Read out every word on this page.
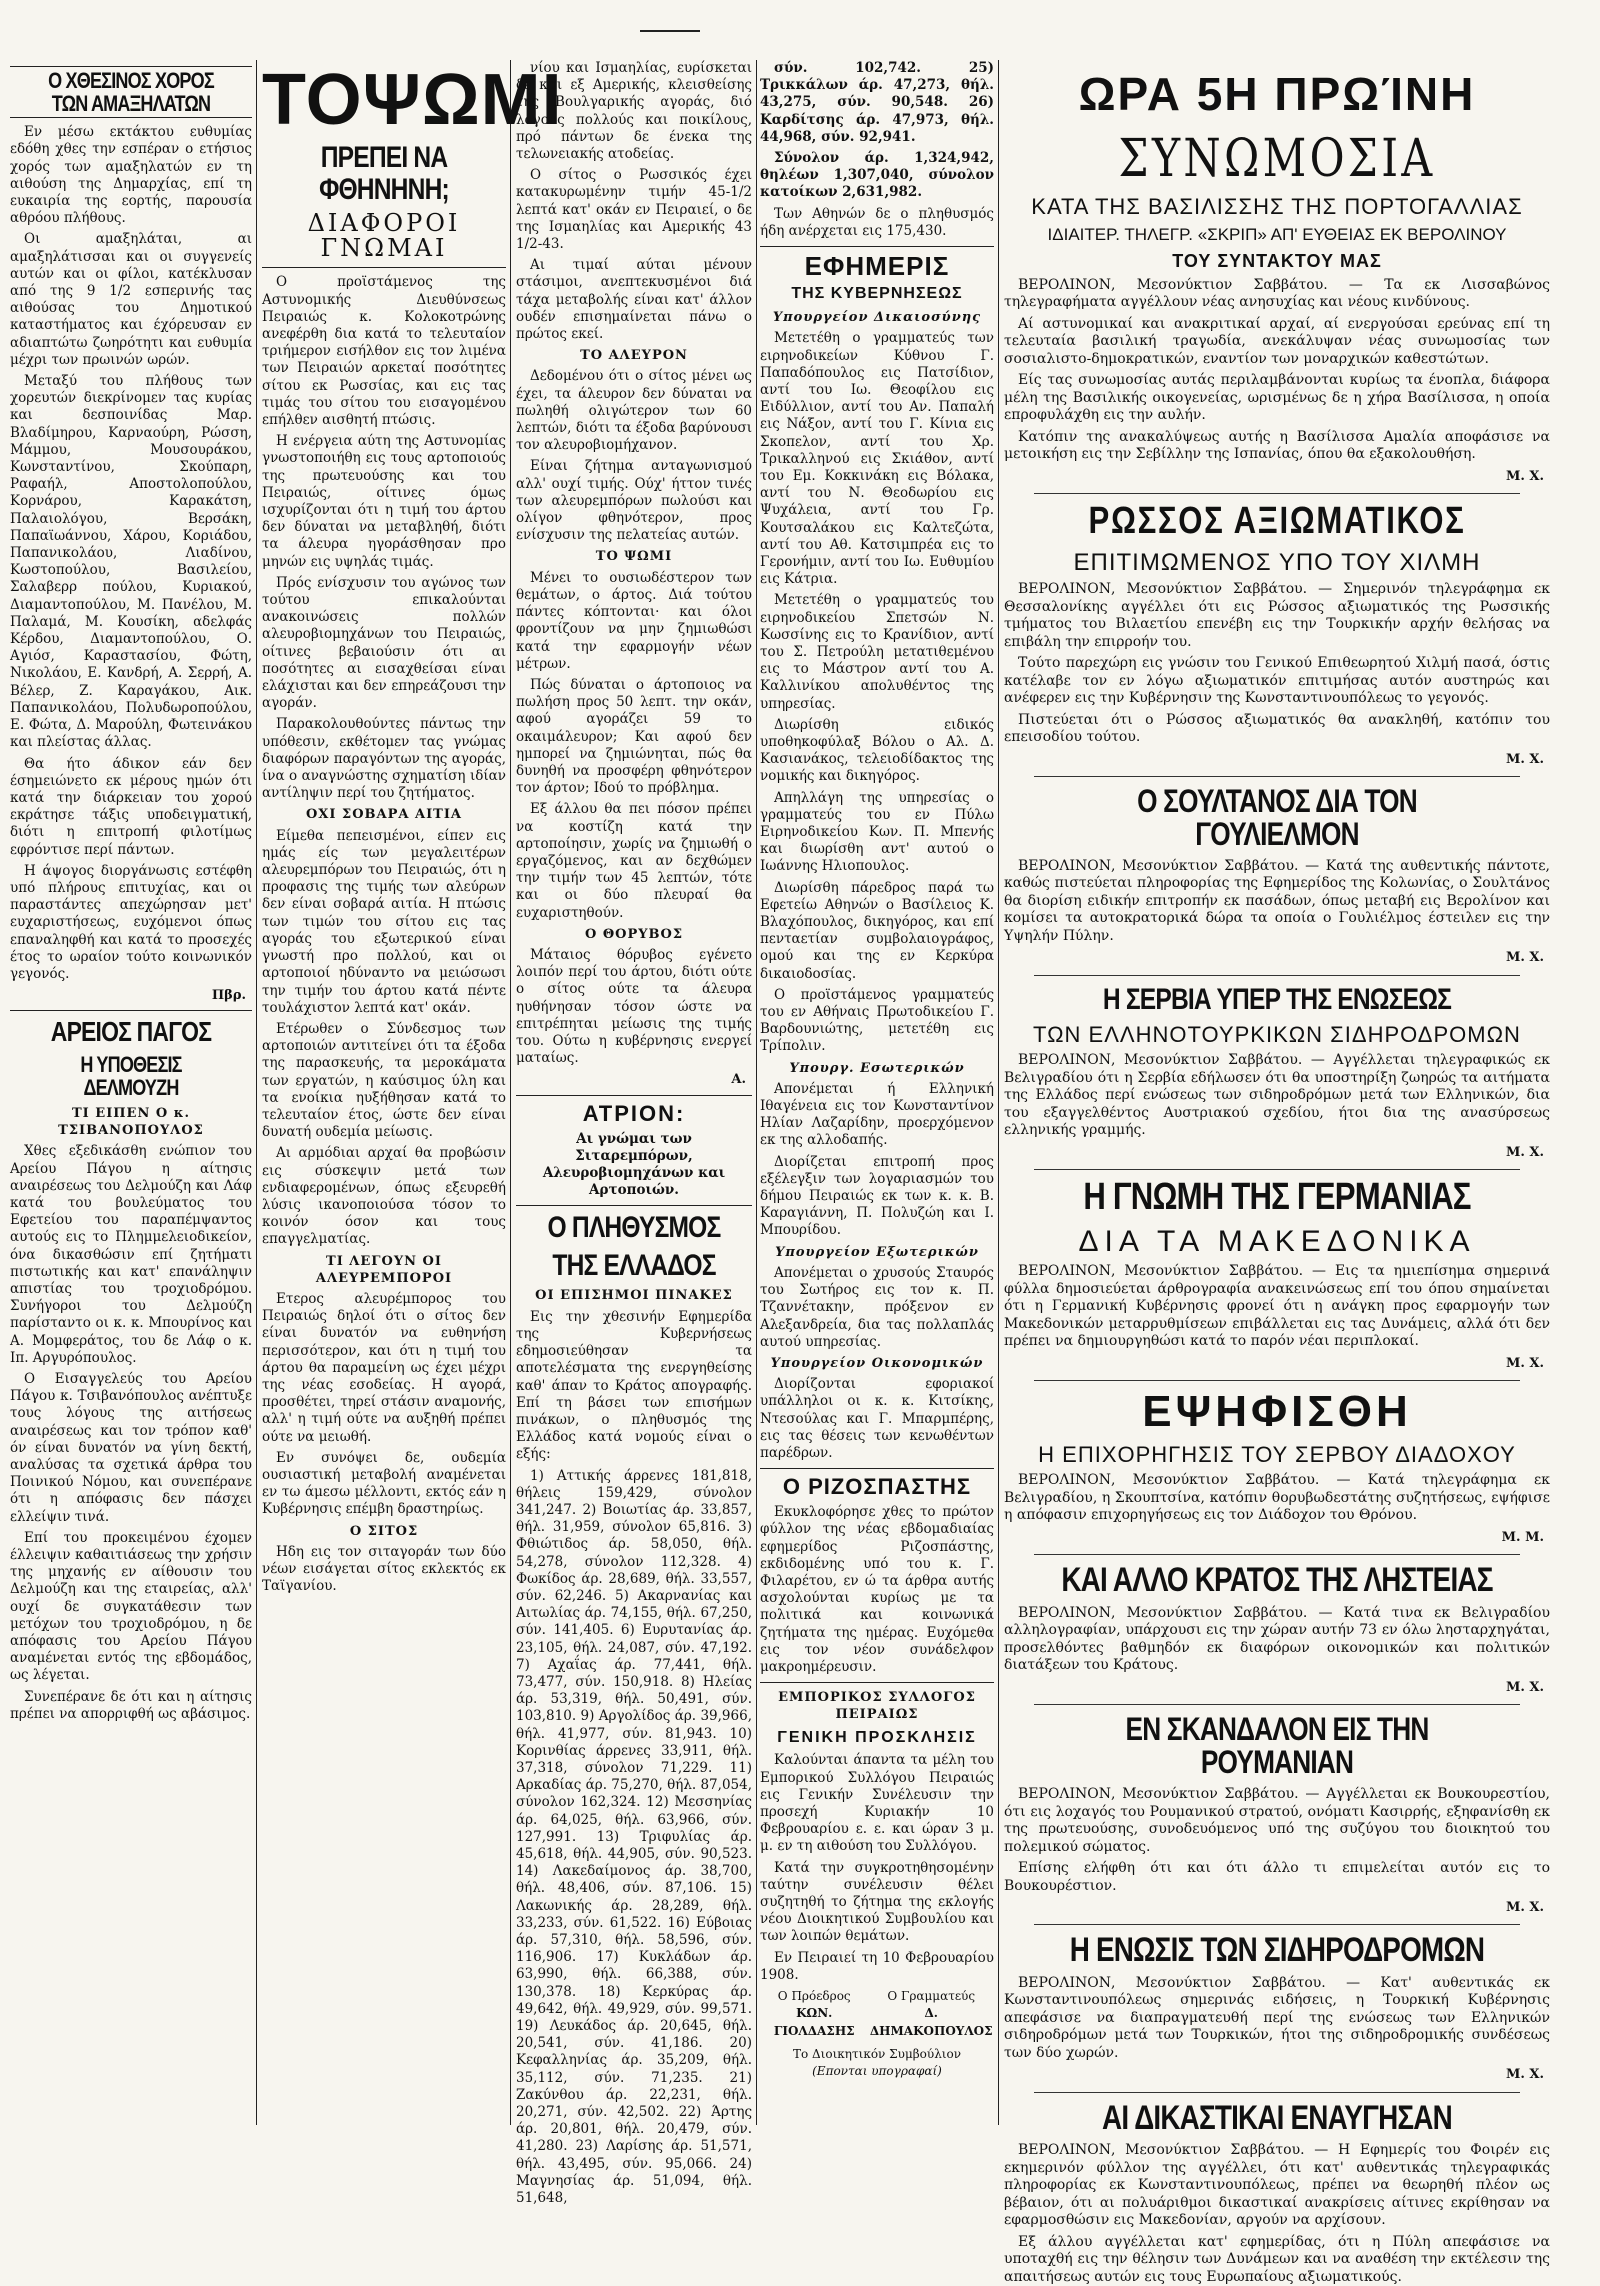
Ο ΧΘΕΣΙΝΟΣ ΧΟΡΟΣ
ΤΩΝ ΑΜΑΞΗΛΑΤΩΝ

Εν μέσω εκτάκτου ευθυμίας εδόθη χθες την εσπέραν ο ετήσιος χορός των αμαξηλατών εν τη αιθούση της Δημαρχίας, επί τη ευκαιρία της εορτής, παρουσία αθρόου πλήθους.

Οι αμαξηλάται, αι αμαξηλάτισσαι και οι συγγενείς αυτών και οι φίλοι, κατέκλυσαν από της 9 1/2 εσπερινής τας αιθούσας του Δημοτικού καταστήματος και έχόρευσαν εν αδιαπτώτω ζωηρότητι και ευθυμία μέχρι των πρωινών ωρών.

Μεταξύ του πλήθους των χορευτών διεκρίνομεν τας κυρίας και δεσποινίδας Μαρ. Βλαδίμηρου, Καρναούρη, Ρώσση, Μάμμου, Μουσουράκου, Κωνσταντίνου, Σκούπαρη, Ραφαήλ, Αποστολοπούλου, Κορνάρου, Καρακάτση, Παλαιολόγου, Βερσάκη, Παπαϊωάννου, Χάρου, Κοριάδου, Παπανικολάου, Λιαδίνου, Κωστοπούλου, Βασιλείου, Σαλαβερρ πούλου, Κυριακού, Διαμαντοπούλου, Μ. Πανέλου, Μ. Παλαμά, Μ. Κουσίκη, αδελφάς Κέρδου, Διαμαντοπούλου, Ο. Αγιόσ, Καραστασίου, Φώτη, Νικολάου, Ε. Κανδρή, Α. Σερρή, Α. Βέλερ, Ζ. Καραγάκου, Αικ. Παπανικολάου, Πολυδωροπούλου, Ε. Φώτα, Δ. Μαρούλη, Φωτεινάκου και πλείστας άλλας.

Θα ήτο άδικον εάν δεν έσημειώνετο εκ μέρους ημών ότι κατά την διάρκειαν του χορού εκράτησε τάξις υποδειγματική, διότι η επιτροπή φιλοτίμως εφρόντισε περί πάντων.

Η άψογος διοργάνωσις εστέφθη υπό πλήρους επιτυχίας, και οι παραστάντες απεχώρησαν μετ' ευχαριστήσεως, ευχόμενοι όπως επαναληφθή και κατά το προσεχές έτος το ωραίον τούτο κοινωνικόν γεγονός.

Πβρ.
ΑΡΕΙΟΣ ΠΑΓΟΣ
Η ΥΠΟΘΕΣΙΣ ΔΕΛΜΟΥΖΗ
ΤΙ ΕΙΠΕΝ Ο κ. ΤΣΙΒΑΝΟΠΟΥΛΟΣ

Χθες εξεδικάσθη ενώπιον του Αρείου Πάγου η αίτησις αναιρέσεως του Δελμούζη και Λάφ κατά του βουλεύματος του Εφετείου του παραπέμψαντος αυτούς εις το Πλημμελειοδικείον, όνα δικασθώσιν επί ζητήματι πιστωτικής και κατ' επανάληψιν απιστίας του τροχιοδρόμου. Συνήγοροι του Δελμούζη παρίσταντο οι κ. κ. Μπουρίνος και Α. Μομφεράτος, του δε Λάφ ο κ. Ιπ. Αργυρόπουλος.

Ο Εισαγγελεύς του Αρείου Πάγου κ. Τσιβανόπουλος ανέπτυξε τους λόγους της αιτήσεως αναιρέσεως και τον τρόπον καθ' όν είναι δυνατόν να γίνη δεκτή, αναλύσας τα σχετικά άρθρα του Ποινικού Νόμου, και συνεπέρανε ότι η απόφασις δεν πάσχει ελλείψιν τινά.

Επί του προκειμένου έχομεν έλλειψιν καθαιτιάσεως την χρήσιν της μηχανής εν αίθουσιν του Δελμούζη και της εταιρείας, αλλ' ουχί δε συγκατάθεσιν των μετόχων του τροχιοδρόμου, η δε απόφασις του Αρείου Πάγου αναμένεται εντός της εβδομάδος, ως λέγεται.

Συνεπέρανε δε ότι και η αίτησις πρέπει να απορριφθή ως αβάσιμος.

ΤΟΨΩΜΙ
ΠΡΕΠΕΙ ΝΑ ΦΘΗΝΗΝΗ;
ΔΙΑΦΟΡΟΙ ΓΝΩΜΑΙ

Ο προϊστάμενος της Αστυνομικής Διευθύνσεως Πειραιώς κ. Κολοκοτρώνης ανεφέρθη δια κατά το τελευταίον τριήμερον εισήλθον εις τον λιμένα των Πειραιών αρκεταί ποσότητες σίτου εκ Ρωσσίας, και εις τας τιμάς του σίτου του εισαγομένου επήλθεν αισθητή πτώσις.

Η ενέργεια αύτη της Αστυνομίας γνωστοποιήθη εις τους αρτοποιούς της πρωτευούσης και του Πειραιώς, οίτινες όμως ισχυρίζονται ότι η τιμή του άρτου δεν δύναται να μεταβληθή, διότι τα άλευρα ηγοράσθησαν προ μηνών εις υψηλάς τιμάς.

Πρός ενίσχυσιν του αγώνος των τούτου επικαλούνται ανακοινώσεις πολλών αλευροβιομηχάνων του Πειραιώς, οίτινες βεβαιούσιν ότι αι ποσότητες αι εισαχθείσαι είναι ελάχισται και δεν επηρεάζουσι την αγοράν.

Παρακολουθούντες πάντως την υπόθεσιν, εκθέτομεν τας γνώμας διαφόρων παραγόντων της αγοράς, ίνα ο αναγνώστης σχηματίση ιδίαν αντίληψιν περί του ζητήματος.

ΟΧΙ ΣΟΒΑΡΑ ΑΙΤΙΑ

Είμεθα πεπεισμένοι, είπεν εις ημάς είς των μεγαλειτέρων αλευρεμπόρων του Πειραιώς, ότι η προφασις της τιμής των αλεύρων δεν είναι σοβαρά αιτία. Η πτώσις των τιμών του σίτου εις τας αγοράς του εξωτερικού είναι γνωστή προ πολλού, και οι αρτοποιοί ηδύναντο να μειώσωσι την τιμήν του άρτου κατά πέντε τουλάχιστον λεπτά κατ' οκάν.

Ετέρωθεν ο Σύνδεσμος των αρτοποιών αντιτείνει ότι τα έξοδα της παρασκευής, τα μεροκάματα των εργατών, η καύσιμος ύλη και τα ενοίκια ηυξήθησαν κατά το τελευταίον έτος, ώστε δεν είναι δυνατή ουδεμία μείωσις.

Αι αρμόδιαι αρχαί θα προβώσιν εις σύσκεψιν μετά των ενδιαφερομένων, όπως εξευρεθή λύσις ικανοποιούσα τόσον το κοινόν όσον και τους επαγγελματίας.

ΤΙ ΛΕΓΟΥΝ ΟΙ ΑΛΕΥΡΕΜΠΟΡΟΙ

Ετερος αλευρέμπορος του Πειραιώς δηλοί ότι ο σίτος δεν είναι δυνατόν να ευθηνήση περισσότερον, και ότι η τιμή του άρτου θα παραμείνη ως έχει μέχρι της νέας εσοδείας. Η αγορά, προσθέτει, τηρεί στάσιν αναμονής, αλλ' η τιμή ούτε να αυξηθή πρέπει ούτε να μειωθή.

Εν συνόψει δε, ουδεμία ουσιαστική μεταβολή αναμένεται εν τω άμεσω μέλλοντι, εκτός εάν η Κυβέρνησις επέμβη δραστηρίως.

Ο ΣΙΤΟΣ

Ηδη εις τον σιταγοράν των δύο νέων εισάγεται σίτος εκλεκτός εκ Ταϊγανίου.

νίου και Ισμαηλίας, ευρίσκεται δε και εξ Αμερικής, κλεισθείσης της Βουλγαρικής αγοράς, διό λόγους πολλούς και ποικίλους, πρό πάντων δε ένεκα της τελωνειακής ατοδείας.

Ο σίτος ο Ρωσσικός έχει κατακυρωμένην τιμήν 45-1/2 λεπτά κατ' οκάν εν Πειραιεί, ο δε της Ισμαηλίας και Αμερικής 43 1/2-43.

Αι τιμαί αύται μένουν στάσιμοι, ανεπτεκυσμένοι διά τάχα μεταβολής είναι κατ' άλλον ουδέν επισημαίνεται πάνω ο πρώτος εκεί.

ΤΟ ΑΛΕΥΡΟΝ

Δεδομένου ότι ο σίτος μένει ως έχει, τα άλευρον δεν δύναται να πωληθή ολιγώτερον των 60 λεπτών, διότι τα έξοδα βαρύνουσι τον αλευροβιομήχανον.

Είναι ζήτημα ανταγωνισμού αλλ' ουχί τιμής. Ούχ' ήττον τινές των αλευρεμπόρων πωλούσι και ολίγον φθηνότερον, προς ενίσχυσιν της πελατείας αυτών.

ΤΟ ΨΩΜΙ

Μένει το ουσιωδέστερον των θεμάτων, ο άρτος. Διά τούτου πάντες κόπτονται· και όλοι φροντίζουν να μην ζημιωθώσι κατά την εφαρμογήν νέων μέτρων.

Πώς δύναται ο άρτοποιος να πωλήση προς 50 λεπτ. την οκάν, αφού αγοράζει 59 το οκαιμάλευρον; Και αφού δεν ημπορεί να ζημιώνηται, πώς θα δυνηθή να προσφέρη φθηνότερον τον άρτον; Ιδού το πρόβλημα.

Εξ άλλου θα πει πόσον πρέπει να κοστίζη κατά την αρτοποίησιν, χωρίς να ζημιωθή ο εργαζόμενος, και αν δεχθώμεν την τιμήν των 45 λεπτών, τότε και οι δύο πλευραί θα ευχαριστηθούν.

Ο ΘΟΡΥΒΟΣ

Μάταιος θόρυβος εγένετο λοιπόν περί του άρτου, διότι ούτε ο σίτος ούτε τα άλευρα ηυθήνησαν τόσον ώστε να επιτρέπηται μείωσις της τιμής του. Ούτω η κυβέρνησις ενεργεί ματαίως.

Α.
ΑΤΡΙΟΝ:

Αι γνώμαι των Σιταρεμπόρων, Αλευροβιομηχάνων και Αρτοποιών.

Ο ΠΛΗΘΥΣΜΟΣ
ΤΗΣ ΕΛΛΑΔΟΣ
ΟΙ ΕΠΙΣΗΜΟΙ ΠΙΝΑΚΕΣ

Εις την χθεσινήν Εφημερίδα της Κυβερνήσεως εδημοσιεύθησαν τα αποτελέσματα της ενεργηθείσης καθ' άπαν το Κράτος απογραφής. Επί τη βάσει των επισήμων πινάκων, ο πληθυσμός της Ελλάδος κατά νομούς είναι ο εξής:

1) Αττικής άρρενες 181,818, θήλεις 159,429, σύνολον 341,247. 2) Βοιωτίας άρ. 33,857, θήλ. 31,959, σύνολον 65,816. 3) Φθιώτιδος άρ. 58,050, θήλ. 54,278, σύνολον 112,328. 4) Φωκίδος άρ. 28,689, θήλ. 33,557, σύν. 62,246. 5) Ακαρνανίας και Αιτωλίας άρ. 74,155, θήλ. 67,250, σύν. 141,405. 6) Ευρυτανίας άρ. 23,105, θήλ. 24,087, σύν. 47,192. 7) Αχαΐας άρ. 77,441, θήλ. 73,477, σύν. 150,918. 8) Ηλείας άρ. 53,319, θήλ. 50,491, σύν. 103,810. 9) Αργολίδος άρ. 39,966, θήλ. 41,977, σύν. 81,943. 10) Κορινθίας άρρενες 33,911, θήλ. 37,318, σύνολον 71,229. 11) Αρκαδίας άρ. 75,270, θήλ. 87,054, σύνολον 162,324. 12) Μεσσηνίας άρ. 64,025, θήλ. 63,966, σύν. 127,991. 13) Τριφυλίας άρ. 45,618, θήλ. 44,905, σύν. 90,523. 14) Λακεδαίμονος άρ. 38,700, θήλ. 48,406, σύν. 87,106. 15) Λακωνικής άρ. 28,289, θήλ. 33,233, σύν. 61,522. 16) Εύβοιας άρ. 57,310, θήλ. 58,596, σύν. 116,906. 17) Κυκλάδων άρ. 63,990, θήλ. 66,388, σύν. 130,378. 18) Κερκύρας άρ. 49,642, θήλ. 49,929, σύν. 99,571. 19) Λευκάδος άρ. 20,645, θήλ. 20,541, σύν. 41,186. 20) Κεφαλληνίας άρ. 35,209, θήλ. 35,112, σύν. 71,235. 21) Ζακύνθου άρ. 22,231, θήλ. 20,271, σύν. 42,502. 22) Άρτης άρ. 20,801, θήλ. 20,479, σύν. 41,280. 23) Λαρίσης άρ. 51,571, θήλ. 43,495, σύν. 95,066. 24) Μαγνησίας άρ. 51,094, θήλ. 51,648,

σύν. 102,742. 25) Τρικκάλων άρ. 47,273, θήλ. 43,275, σύν. 90,548. 26) Καρδίτσης άρ. 47,973, θήλ. 44,968, σύν. 92,941.

Σύνολον άρ. 1,324,942, θηλέων 1,307,040, σύνολον κατοίκων 2,631,982.

Των Αθηνών δε ο πληθυσμός ήδη ανέρχεται εις 175,430.

ΕΦΗΜΕΡΙΣ
ΤΗΣ ΚΥΒΕΡΝΗΣΕΩΣ
Υπουργείον Δικαιοσύνης

Μετετέθη ο γραμματεύς των ειρηνοδικείων Κύθνου Γ. Παπαδόπουλος εις Πατσίδιον, αντί του Ιω. Θεοφίλου εις Ειδύλλιον, αντί του Αν. Παπαλή εις Νάξον, αντί του Γ. Κίνια εις Σκοπελον, αντί του Χρ. Τρικαλληνού εις Σκιάθον, αντί του Εμ. Κοκκινάκη εις Βόλακα, αντί του Ν. Θεοδωρίου εις Ψυχάλεια, αντί του Γρ. Κουτσαλάκου εις Καλτεζώτα, αντί του Αθ. Κατσιμπρέα εις το Γερονήμιν, αντί του Ιω. Ευθυμίου εις Κάτρια.

Μετετέθη ο γραμματεύς του ειρηνοδικείου Σπετσών Ν. Κωσσίνης εις το Κρανίδιον, αντί του Σ. Πετρούλη μετατιθεμένου εις το Μάστρον αντί του Α. Καλλινίκου απολυθέντος της υπηρεσίας.

Διωρίσθη ειδικός υποθηκοφύλαξ Βόλου ο Αλ. Δ. Κασιανάκος, τελειοδίδακτος της νομικής και δικηγόρος.

Απηλλάγη της υπηρεσίας ο γραμματεύς του εν Πύλω Ειρηνοδικείου Κων. Π. Μπενής και διωρίσθη αντ' αυτού ο Ιωάννης Ηλιοπουλος.

Διωρίσθη πάρεδρος παρά τω Εφετείω Αθηνών ο Βασίλειος Κ. Βλαχόπουλος, δικηγόρος, και επί πενταετίαν συμβολαιογράφος, ομού και της εν Κερκύρα δικαιοδοσίας.

Ο προϊστάμενος γραμματεύς του εν Αθήναις Πρωτοδικείου Γ. Βαρδουνιώτης, μετετέθη εις Τρίπολιν.

Υπουργ. Εσωτερικών

Απονέμεται ή Ελληνική Ιθαγένεια εις τον Κωνσταντίνον Ηλίαν Λαζαρίδην, προερχόμενον εκ της αλλοδαπής.

Διορίζεται επιτροπή προς εξέλεγξιν των λογαριασμών του δήμου Πειραιώς εκ των κ. κ. Β. Καραγιάννη, Π. Πολυζώη και Ι. Μπουρίδου.

Υπουργείον Εξωτερικών

Απονέμεται ο χρυσούς Σταυρός του Σωτήρος εις τον κ. Π. Τζαννέτακην, πρόξενον εν Αλεξανδρεία, δια τας πολλαπλάς αυτού υπηρεσίας.

Υπουργείον Οικονομικών

Διορίζονται εφοριακοί υπάλληλοι οι κ. κ. Κιτσίκης, Ντεσούλας και Γ. Μπαρμπέρης, εις τας θέσεις των κενωθέντων παρέδρων.

Ο ΡΙΖΟΣΠΑΣΤΗΣ

Εκυκλοφόρησε χθες το πρώτον φύλλον της νέας εβδομαδιαίας εφημερίδος Ριζοσπάστης, εκδιδομένης υπό του κ. Γ. Φιλαρέτου, εν ώ τα άρθρα αυτής ασχολούνται κυρίως με τα πολιτικά και κοινωνικά ζητήματα της ημέρας. Ευχόμεθα εις τον νέον συνάδελφον μακροημέρευσιν.

ΕΜΠΟΡΙΚΟΣ ΣΥΛΛΟΓΟΣ ΠΕΙΡΑΙΩΣ
ΓΕΝΙΚΗ ΠΡΟΣΚΛΗΣΙΣ

Καλούνται άπαντα τα μέλη του Εμπορικού Συλλόγου Πειραιώς εις Γενικήν Συνέλευσιν την προσεχή Κυριακήν 10 Φεβρουαρίου ε. ε. και ώραν 3 μ. μ. εν τη αιθούση του Συλλόγου.

Κατά την συγκροτηθησομένην ταύτην συνέλευσιν θέλει συζητηθή το ζήτημα της εκλογής νέου Διοικητικού Συμβουλίου και των λοιπών θεμάτων.

Εν Πειραιεί τη 10 Φεβρουαρίου 1908.

Ο Πρόεδρος
ΚΩΝ. ΓΙΟΛΔΑΣΗΣ
Ο Γραμματεύς
Δ. ΔΗΜΑΚΟΠΟΥΛΟΣ
Το Διοικητικόν Συμβούλιον
(Επονται υπογραφαί)
ΩΡΑ 5Η ΠΡΩΊΝΗ
ΣΥΝΩΜΟΣΙΑ
ΚΑΤΑ ΤΗΣ ΒΑΣΙΛΙΣΣΗΣ ΤΗΣ ΠΟΡΤΟΓΑΛΛΙΑΣ
ΙΔΙΑΙΤΕΡ. ΤΗΛΕΓΡ. «ΣΚΡΙΠ» ΑΠ' ΕΥΘΕΙΑΣ ΕΚ ΒΕΡΟΛΙΝΟΥ
ΤΟΥ ΣΥΝΤΑΚΤΟΥ ΜΑΣ

ΒΕΡΟΛΙΝΟΝ, Μεσονύκτιον Σαββάτου. — Τα εκ Λισσαβώνος τηλεγραφήματα αγγέλλουν νέας ανησυχίας και νέους κινδύνους.

Αί αστυνομικαί και ανακριτικαί αρχαί, αί ενεργούσαι ερεύνας επί τη τελευταία βασιλική τραγωδία, ανεκάλυψαν νέας συνωμοσίας των σοσιαλιστο-δημοκρατικών, εναντίον των μοναρχικών καθεστώτων.

Είς τας συνωμοσίας αυτάς περιλαμβάνονται κυρίως τα ένοπλα, διάφορα μέλη της Βασιλικής οικογενείας, ωρισμένως δε η χήρα Βασίλισσα, η οποία επροφυλάχθη εις την αυλήν.

Κατόπιν της ανακαλύψεως αυτής η Βασίλισσα Αμαλία αποφάσισε να μετοικήση εις την Σεβίλλην της Ισπανίας, όπου θα εξακολουθήση.

Μ. Χ.
ΡΩΣΣΟΣ ΑΞΙΩΜΑΤΙΚΟΣ
ΕΠΙΤΙΜΩΜΕΝΟΣ ΥΠΟ ΤΟΥ ΧΙΛΜΗ

ΒΕΡΟΛΙΝΟΝ, Μεσονύκτιον Σαββάτου. — Σημερινόν τηλεγράφημα εκ Θεσσαλονίκης αγγέλλει ότι εις Ρώσσος αξιωματικός της Ρωσσικής τμήματος του Βιλαετίου επενέβη εις την Τουρκικήν αρχήν θελήσας να επιβάλη την επιρροήν του.

Τούτο παρεχώρη εις γνώσιν του Γενικού Επιθεωρητού Χιλμή πασά, όστις κατέλαβε τον εν λόγω αξιωματικόν επιτιμήσας αυτόν αυστηρώς και ανέφερεν εις την Κυβέρνησιν της Κωνσταντινουπόλεως το γεγονός.

Πιστεύεται ότι ο Ρώσσος αξιωματικός θα ανακληθή, κατόπιν του επεισοδίου τούτου.

Μ. Χ.
Ο ΣΟΥΛΤΑΝΟΣ ΔΙΑ ΤΟΝ ΓΟΥΛΙΕΛΜΟΝ

ΒΕΡΟΛΙΝΟΝ, Μεσονύκτιον Σαββάτου. — Κατά της αυθεντικής πάντοτε, καθώς πιστεύεται πληροφορίας της Εφημερίδος της Κολωνίας, ο Σουλτάνος θα διορίση ειδικήν επιτροπήν εκ πασάδων, όπως μεταβή εις Βερολίνον και κομίσει τα αυτοκρατορικά δώρα τα οποία ο Γουλιέλμος έστειλεν εις την Υψηλήν Πύλην.

Μ. Χ.
Η ΣΕΡΒΙΑ ΥΠΕΡ ΤΗΣ ΕΝΩΣΕΩΣ
ΤΩΝ ΕΛΛΗΝΟΤΟΥΡΚΙΚΩΝ ΣΙΔΗΡΟΔΡΟΜΩΝ

ΒΕΡΟΛΙΝΟΝ, Μεσονύκτιον Σαββάτου. — Αγγέλλεται τηλεγραφικώς εκ Βελιγραδίου ότι η Σερβία εδήλωσεν ότι θα υποστηρίξη ζωηρώς τα αιτήματα της Ελλάδος περί ενώσεως των σιδηροδρόμων μετά των Ελληνικών, δια του εξαγγελθέντος Αυστριακού σχεδίου, ήτοι δια της ανασύρσεως ελληνικής γραμμής.

Μ. Χ.
Η ΓΝΩΜΗ ΤΗΣ ΓΕΡΜΑΝΙΑΣ
ΔΙΑ ΤΑ ΜΑΚΕΔΟΝΙΚΑ

ΒΕΡΟΛΙΝΟΝ, Μεσονύκτιον Σαββάτου. — Εις τα ημιεπίσημα σημερινά φύλλα δημοσιεύεται άρθρογραφία ανακεινώσεως επί του όπου σημαίνεται ότι η Γερμανική Κυβέρνησις φρονεί ότι η ανάγκη προς εφαρμογήν των Μακεδονικών μεταρρυθμίσεων επιβάλλεται εις τας Δυνάμεις, αλλά ότι δεν πρέπει να δημιουργηθώσι κατά το παρόν νέαι περιπλοκαί.

Μ. Χ.
ΕΨΗΦΙΣΘΗ
Η ΕΠΙΧΟΡΗΓΗΣΙΣ ΤΟΥ ΣΕΡΒΟΥ ΔΙΑΔΟΧΟΥ

ΒΕΡΟΛΙΝΟΝ, Μεσονύκτιον Σαββάτου. — Κατά τηλεγράφημα εκ Βελιγραδίου, η Σκουπτσίνα, κατόπιν θορυβωδεστάτης συζητήσεως, εψήφισε η απόφασιν επιχορηγήσεως εις τον Διάδοχον του Θρόνου.

Μ. Μ.
ΚΑΙ ΑΛΛΟ ΚΡΑΤΟΣ ΤΗΣ ΛΗΣΤΕΙΑΣ

ΒΕΡΟΛΙΝΟΝ, Μεσονύκτιον Σαββάτου. — Κατά τινα εκ Βελιγραδίου αλληλογραφίαν, υπάρχουσι εις την χώραν αυτήν 73 εν όλω λησταρχηγάται, προσελθόντες βαθμηδόν εκ διαφόρων οικονομικών και πολιτικών διατάξεων του Κράτους.

Μ. Χ.
ΕΝ ΣΚΑΝΔΑΛΟΝ ΕΙΣ ΤΗΝ ΡΟΥΜΑΝΙΑΝ

ΒΕΡΟΛΙΝΟΝ, Μεσονύκτιον Σαββάτου. — Αγγέλλεται εκ Βουκουρεστίου, ότι εις λοχαγός του Ρουμανικού στρατού, ονόματι Κασιρρής, εξηφανίσθη εκ της πρωτευούσης, συνοδευόμενος υπό της συζύγου του διοικητού του πολεμικού σώματος.

Επίσης ελήφθη ότι και ότι άλλο τι επιμελείται αυτόν εις το Βουκουρέστιον.

Μ. Χ.
Η ΕΝΩΣΙΣ ΤΩΝ ΣΙΔΗΡΟΔΡΟΜΩΝ

ΒΕΡΟΛΙΝΟΝ, Μεσονύκτιον Σαββάτου. — Κατ' αυθεντικάς εκ Κωνσταντινουπόλεως σημερινάς ειδήσεις, η Τουρκική Κυβέρνησις απεφάσισε να διαπραγματευθή περί της ενώσεως των Ελληνικών σιδηροδρόμων μετά των Τουρκικών, ήτοι της σιδηροδρομικής συνδέσεως των δύο χωρών.

Μ. Χ.
ΑΙ ΔΙΚΑΣΤΙΚΑΙ ΕΝΑΥΓΗΣΑΝ

ΒΕΡΟΛΙΝΟΝ, Μεσονύκτιον Σαββάτου. — Η Εφημερίς του Φοιρέν εις εκημερινόν φύλλον της αγγέλλει, ότι κατ' αυθεντικάς τηλεγραφικάς πληροφορίας εκ Κωνσταντινουπόλεως, πρέπει να θεωρηθή πλέον ως βέβαιον, ότι αι πολυάριθμοι δικαστικαί ανακρίσεις αίτινες εκρίθησαν να εφαρμοσθώσιν εις Μακεδονίαν, αργούν να αρχίσουν.

Εξ άλλου αγγέλλεται κατ' εφημερίδας, ότι η Πύλη απεφάσισε να υποταχθή εις την θέλησιν των Δυνάμεων και να αναθέση την εκτέλεσιν της απαιτήσεως αυτών εις τους Ευρωπαίους αξιωματικούς.
